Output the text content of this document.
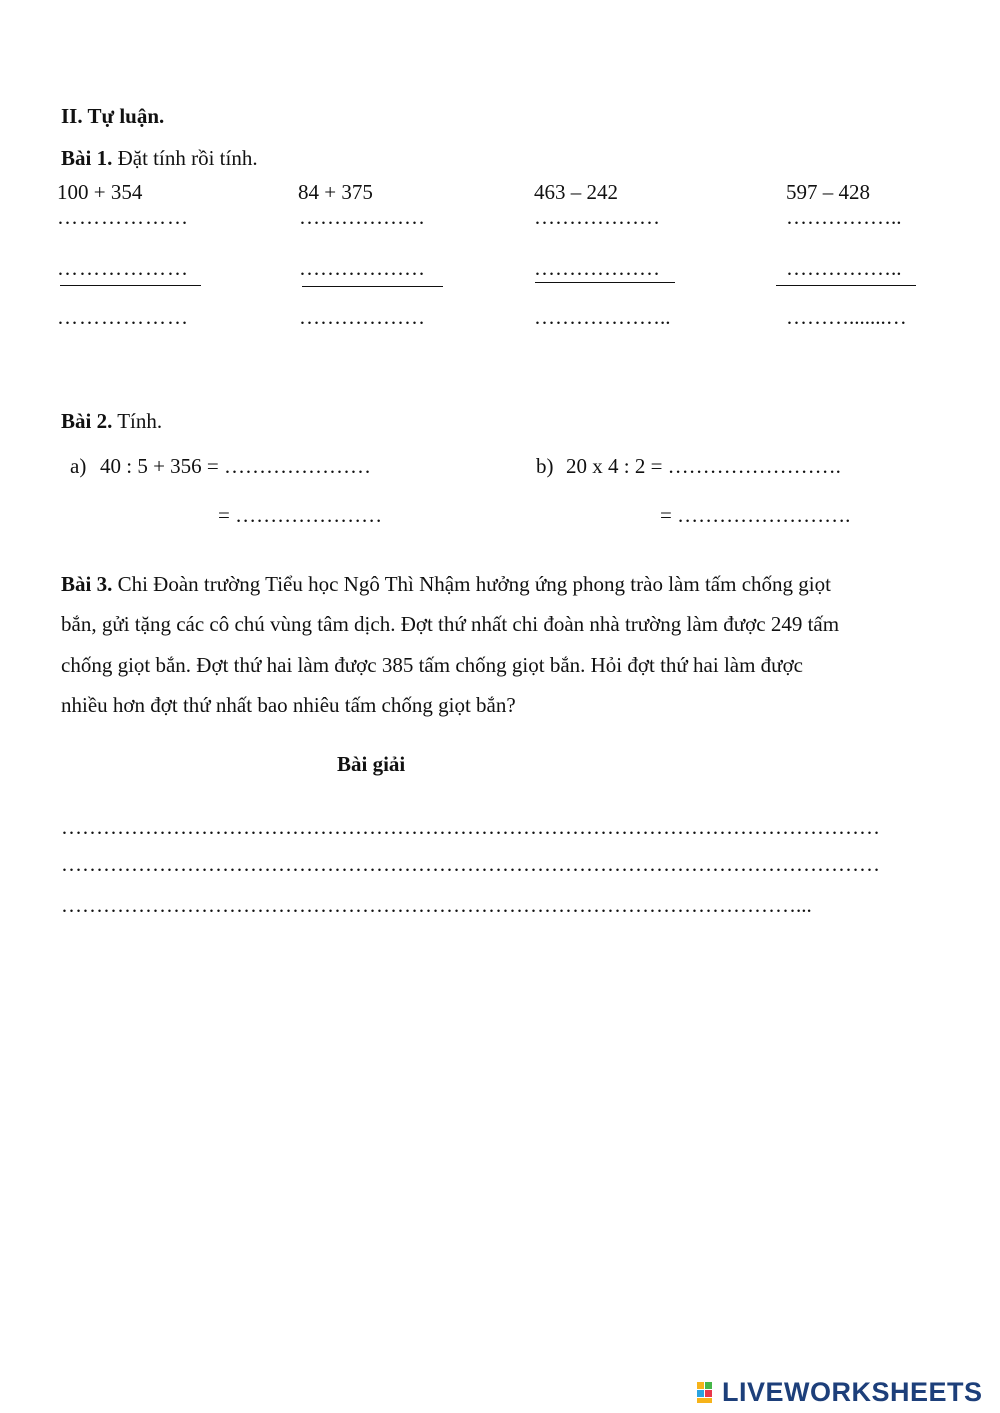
II. Tự luận.
Bài 1. Đặt tính rồi tính.
100 + 354
………………
………………
………………
84 + 375
………………
………………
………………
463 – 242
………………
………………
………………..
597 – 428
……………..
……………..
……….......…
Bài 2. Tính.
a) 40 : 5 + 356 = …………………
= …………………
b) 20 x 4 : 2 = …………………….
= …………………….
Bài 3. Chi Đoàn trường Tiểu học Ngô Thì Nhậm hưởng ứng phong trào làm tấm chống giọt
bắn, gửi tặng các cô chú vùng tâm dịch. Đợt thứ nhất chi đoàn nhà trường làm được 249 tấm
chống giọt bắn. Đợt thứ hai làm được 385 tấm chống giọt bắn. Hỏi đợt thứ hai làm được
nhiều hơn đợt thứ nhất bao nhiêu tấm chống giọt bắn?
Bài giải
………………………………………………………………………………………………………
………………………………………………………………………………………………………
……………………………………………………………………………………………...
LIVEWORKSHEETS
